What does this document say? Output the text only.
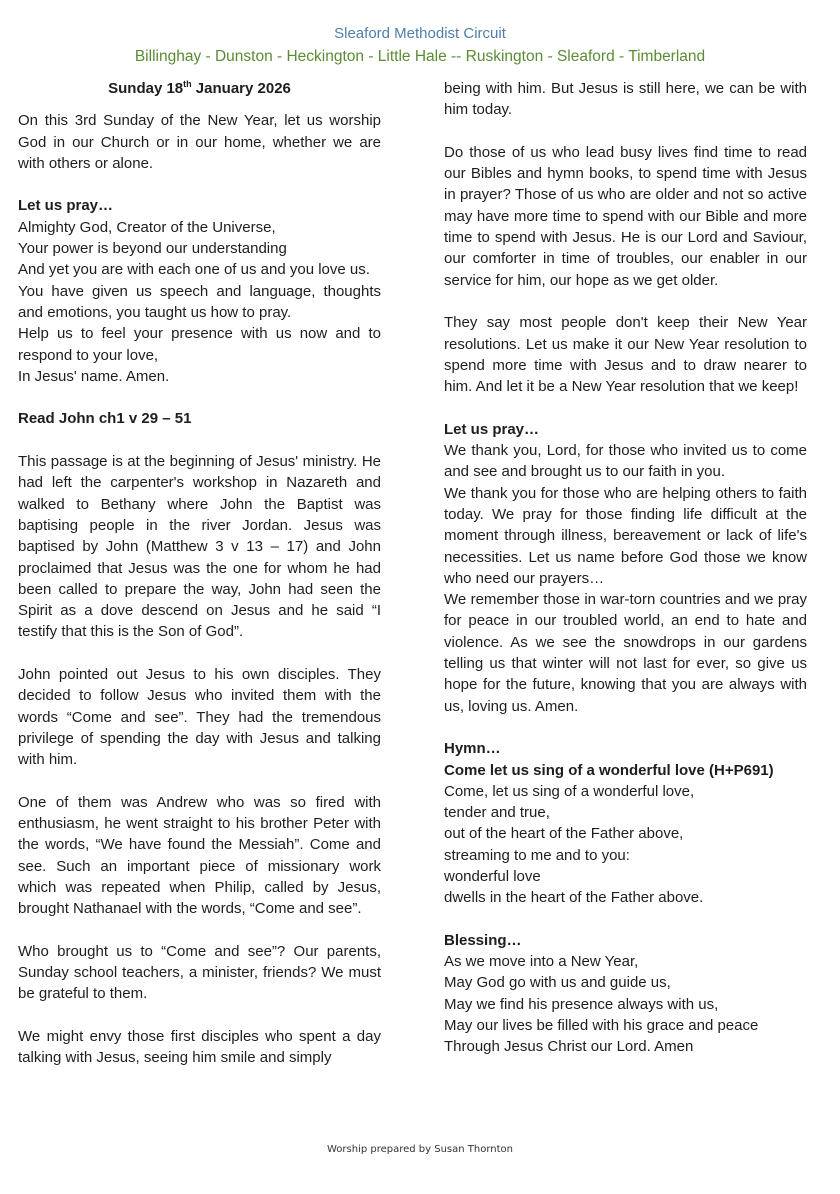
Sleaford Methodist Circuit
Billinghay - Dunston - Heckington - Little Hale -- Ruskington - Sleaford - Timberland
Sunday 18th January 2026

On this 3rd Sunday of the New Year, let us worship God in our Church or in our home, whether we are with others or alone.

Let us pray…
Almighty God, Creator of the Universe,
Your power is beyond our understanding
And yet you are with each one of us and you love us.
You have given us speech and language, thoughts and emotions, you taught us how to pray.
Help us to feel your presence with us now and to respond to your love,
In Jesus' name. Amen.

Read John ch1 v 29 – 51

This passage is at the beginning of Jesus' ministry. He had left the carpenter's workshop in Nazareth and walked to Bethany where John the Baptist was baptising people in the river Jordan. Jesus was baptised by John (Matthew 3 v 13 – 17) and John proclaimed that Jesus was the one for whom he had been called to prepare the way, John had seen the Spirit as a dove descend on Jesus and he said “I testify that this is the Son of God”.

John pointed out Jesus to his own disciples. They decided to follow Jesus who invited them with the words “Come and see”. They had the tremendous privilege of spending the day with Jesus and talking with him.

One of them was Andrew who was so fired with enthusiasm, he went straight to his brother Peter with the words, “We have found the Messiah”. Come and see. Such an important piece of missionary work which was repeated when Philip, called by Jesus, brought Nathanael with the words, “Come and see”.

Who brought us to “Come and see”? Our parents, Sunday school teachers, a minister, friends? We must be grateful to them.

We might envy those first disciples who spent a day talking with Jesus, seeing him smile and simply

being with him. But Jesus is still here, we can be with him today.

Do those of us who lead busy lives find time to read our Bibles and hymn books, to spend time with Jesus in prayer? Those of us who are older and not so active may have more time to spend with our Bible and more time to spend with Jesus. He is our Lord and Saviour, our comforter in time of troubles, our enabler in our service for him, our hope as we get older.

They say most people don't keep their New Year resolutions. Let us make it our New Year resolution to spend more time with Jesus and to draw nearer to him. And let it be a New Year resolution that we keep!

Let us pray…
We thank you, Lord, for those who invited us to come and see and brought us to our faith in you.
We thank you for those who are helping others to faith today. We pray for those finding life difficult at the moment through illness, bereavement or lack of life's necessities. Let us name before God those we know who need our prayers…
We remember those in war-torn countries and we pray for peace in our troubled world, an end to hate and violence. As we see the snowdrops in our gardens telling us that winter will not last for ever, so give us hope for the future, knowing that you are always with us, loving us. Amen.

Hymn…
Come let us sing of a wonderful love (H+P691)
Come, let us sing of a wonderful love,
tender and true,
out of the heart of the Father above,
streaming to me and to you:
wonderful love
dwells in the heart of the Father above.

Blessing…
As we move into a New Year,
May God go with us and guide us,
May we find his presence always with us,
May our lives be filled with his grace and peace
Through Jesus Christ our Lord. Amen

Worship prepared by Susan Thornton
